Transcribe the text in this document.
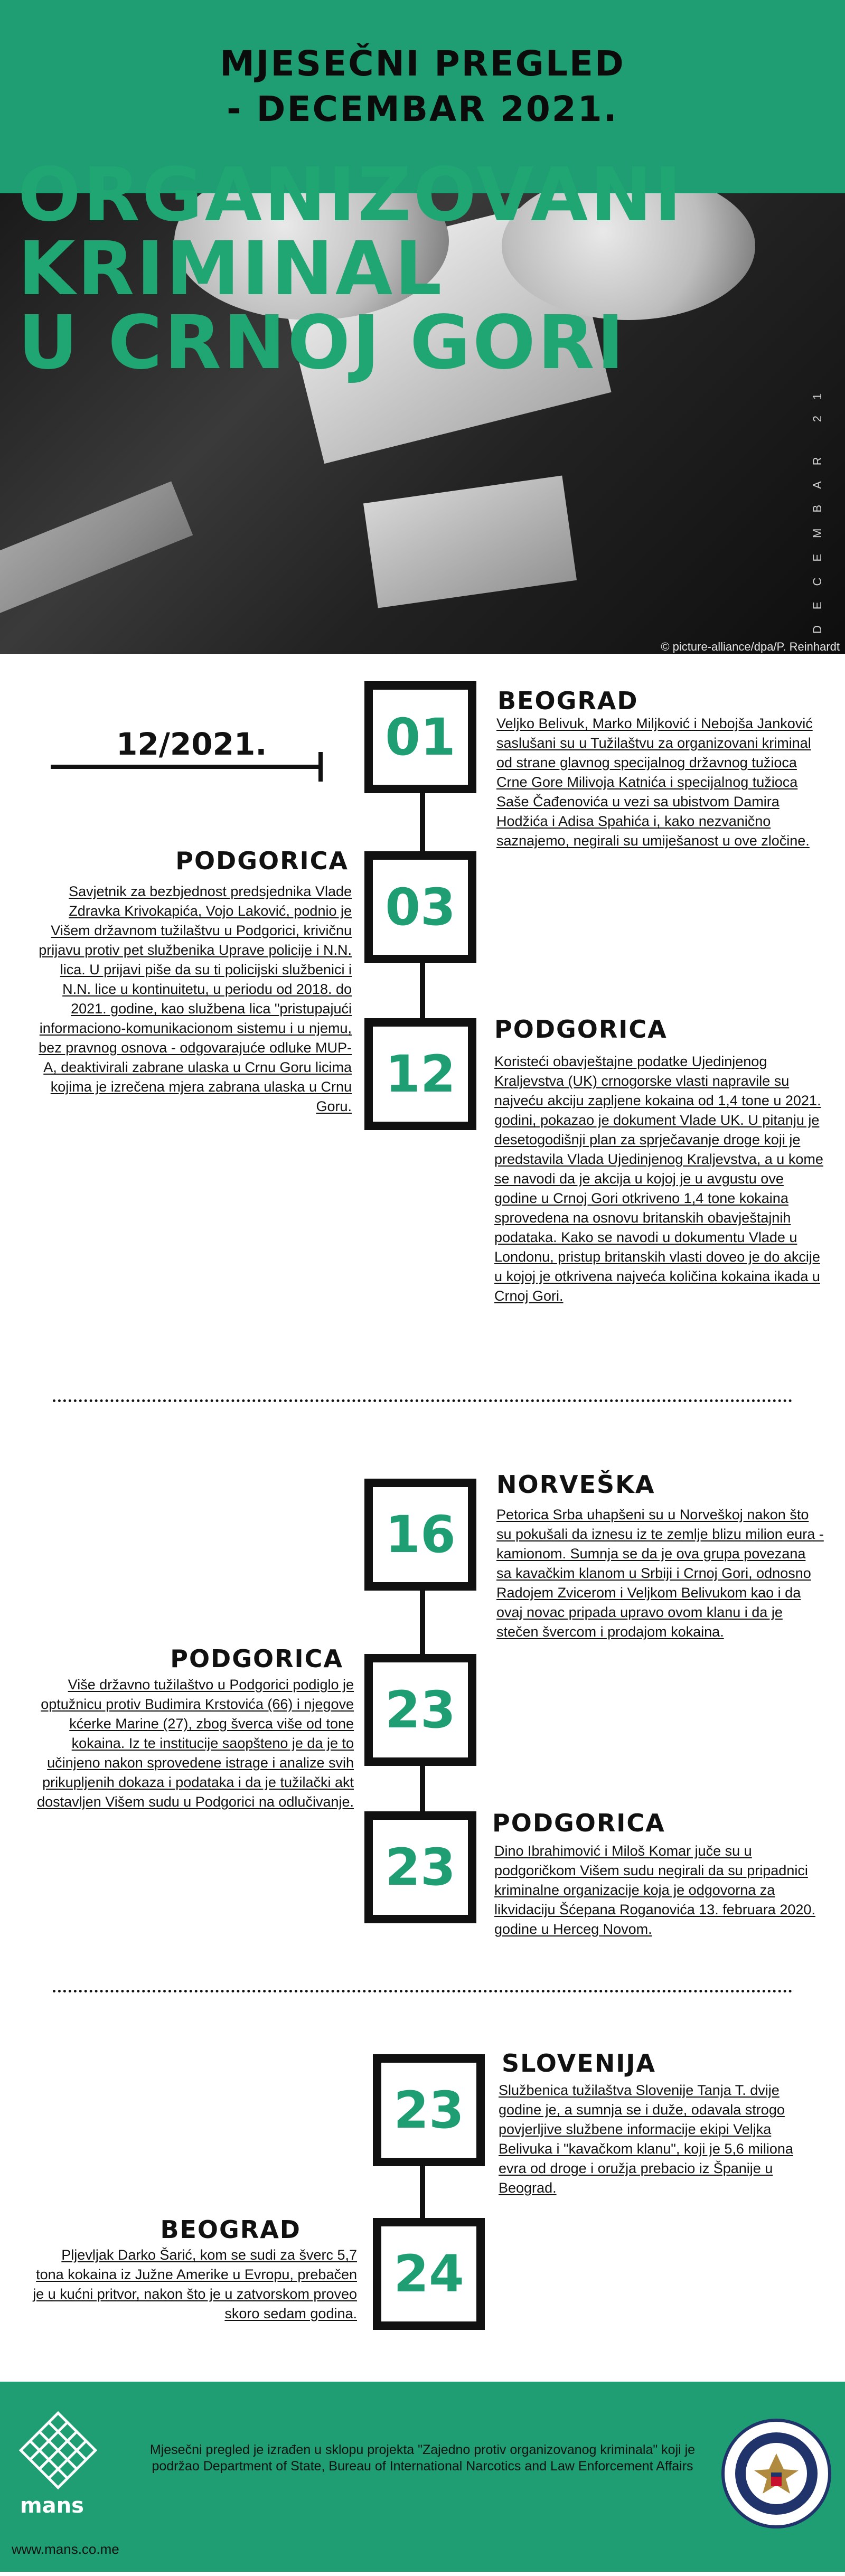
MJESEČNI PREGLED
- DECEMBAR 2021.
ORGANIZOVANI
KRIMINAL
U CRNOJ GORI
DECEMBAR 21
© picture-alliance/dpa/P. Reinhardt
12/2021. 01
BEOGRAD
Veljko Belivuk, Marko Miljković i Nebojša Janković saslušani su u Tužilaštvu za organizovani kriminal od strane glavnog specijalnog državnog tužioca Crne Gore Milivoja Katnića i specijalnog tužioca Saše Čađenovića u vezi sa ubistvom Damira Hodžića i Adisa Spahića i, kako nezvanično saznajemo, negirali su umiješanost u ove zločine.
03
PODGORICA
Savjetnik za bezbjednost predsjednika Vlade Zdravka Krivokapića, Vojo Laković, podnio je Višem državnom tužilaštvu u Podgorici, krivičnu prijavu protiv pet službenika Uprave policije i N.N. lica. U prijavi piše da su ti policijski službenici i N.N. lice u kontinuitetu, u periodu od 2018. do 2021. godine, kao službena lica "pristupajući informaciono-komunikacionom sistemu i u njemu, bez pravnog osnova - odgovarajuće odluke MUP-A, deaktivirali zabrane ulaska u Crnu Goru licima kojima je izrečena mjera zabrana ulaska u Crnu Goru.
12
PODGORICA
Koristeći obavještajne podatke Ujedinjenog Kraljevstva (UK) crnogorske vlasti napravile su najveću akciju zapljene kokaina od 1,4 tone u 2021. godini, pokazao je dokument Vlade UK. U pitanju je desetogodišnji plan za sprječavanje droge koji je predstavila Vlada Ujedinjenog Kraljevstva, a u kome se navodi da je akcija u kojoj je u avgustu ove godine u Crnoj Gori otkriveno 1,4 tone kokaina sprovedena na osnovu britanskih obavještajnih podataka. Kako se navodi u dokumentu Vlade u Londonu, pristup britanskih vlasti doveo je do akcije u kojoj je otkrivena najveća količina kokaina ikada u Crnoj Gori.
16
NORVEŠKA
Petorica Srba uhapšeni su u Norveškoj nakon što su pokušali da iznesu iz te zemlje blizu milion eura - kamionom. Sumnja se da je ova grupa povezana sa kavačkim klanom u Srbiji i Crnoj Gori, odnosno Radojem Zvicerom i Veljkom Belivukom kao i da ovaj novac pripada upravo ovom klanu i da je stečen švercom i prodajom kokaina.
23
PODGORICA
Više državno tužilaštvo u Podgorici podiglo je optužnicu protiv Budimira Krstovića (66) i njegove kćerke Marine (27), zbog šverca više od tone kokaina. Iz te institucije saopšteno je da je to učinjeno nakon sprovedene istrage i analize svih prikupljenih dokaza i podataka i da je tužilački akt dostavljen Višem sudu u Podgorici na odlučivanje.
23
PODGORICA
Dino Ibrahimović i Miloš Komar juče su u podgoričkom Višem sudu negirali da su pripadnici kriminalne organizacije koja je odgovorna za likvidaciju Šćepana Roganovića 13. februara 2020. godine u Herceg Novom.
23
SLOVENIJA
Službenica tužilaštva Slovenije Tanja T. dvije godine je, a sumnja se i duže, odavala strogo povjerljive službene informacije ekipi Veljka Belivuka i "kavačkom klanu", koji je 5,6 miliona evra od droge i oružja prebacio iz Španije u Beograd.
24
BEOGRAD
Pljevljak Darko Šarić, kom se sudi za šverc 5,7 tona kokaina iz Južne Amerike u Evropu, prebačen je u kućni pritvor, nakon što je u zatvorskom proveo skoro sedam godina.
mans
Mjesečni pregled je izrađen u sklopu projekta "Zajedno protiv organizovanog kriminala" koji je podržao Department of State, Bureau of International Narcotics and Law Enforcement Affairs
www.mans.co.me
